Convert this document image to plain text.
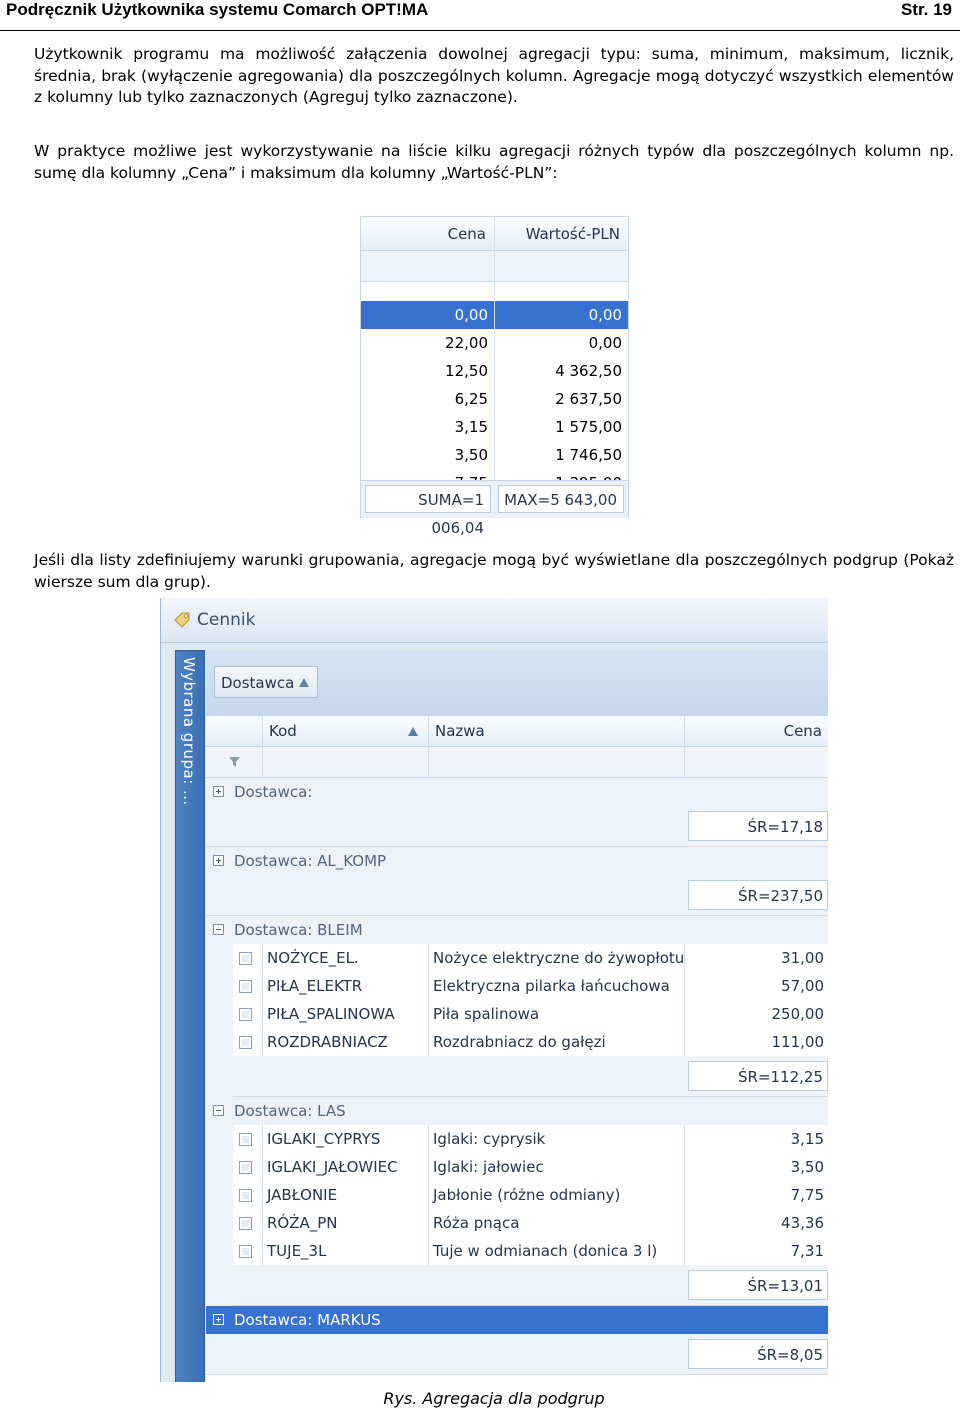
Podręcznik Użytkownika systemu Comarch OPT!MA	Str. 19
Użytkownik programu ma możliwość załączenia dowolnej agregacji typu: suma, minimum, maksimum, licznik, średnia, brak (wyłączenie agregowania) dla poszczególnych kolumn. Agregacje mogą dotyczyć wszystkich elementów z kolumny lub tylko zaznaczonych (Agreguj tylko zaznaczone).
W praktyce możliwe jest wykorzystywanie na liście kilku agregacji różnych typów dla poszczególnych kolumn np. sumę dla kolumny „Cena” i maksimum dla kolumny „Wartość-PLN”:
Cena	Wartość-PLN
0,00	0,00
22,00	0,00
12,50	4 362,50
6,25	2 637,50
3,15	1 575,00
3,50	1 746,50
SUMA=1 006,04
MAX=5 643,00
Jeśli dla listy zdefiniujemy warunki grupowania, agregacje mogą być wyświetlane dla poszczególnych podgrup (Pokaż wiersze sum dla grup).
Cennik
Wybrana grupa: ...	Dostawca
Kod	Nazwa	Cena
Dostawca:
ŚR=17,18
Dostawca: AL_KOMP
ŚR=237,50
Dostawca: BLEIM
NOŻYCE_EL.	Nożyce elektryczne do żywopłotu	31,00
PIŁA_ELEKTR	Elektryczna pilarka łańcuchowa	57,00
PIŁA_SPALINOWA	Piła spalinowa	250,00
ROZDRABNIACZ	Rozdrabniacz do gałęzi	111,00
ŚR=112,25
Dostawca: LAS
IGLAKI_CYPRYS	Iglaki: cyprysik	3,15
IGLAKI_JAŁOWIEC Iglaki: jałowiec	3,50
JABŁONIE	Jabłonie (różne odmiany)	7,75
RÓŻA_PN	Róża pnąca	43,36
TUJE_3L	Tuje w odmianach (donica 3 l)	7,31
ŚR=13,01
Dostawca: MARKUS
ŚR=8,05
Rys. Agregacja dla podgrup
